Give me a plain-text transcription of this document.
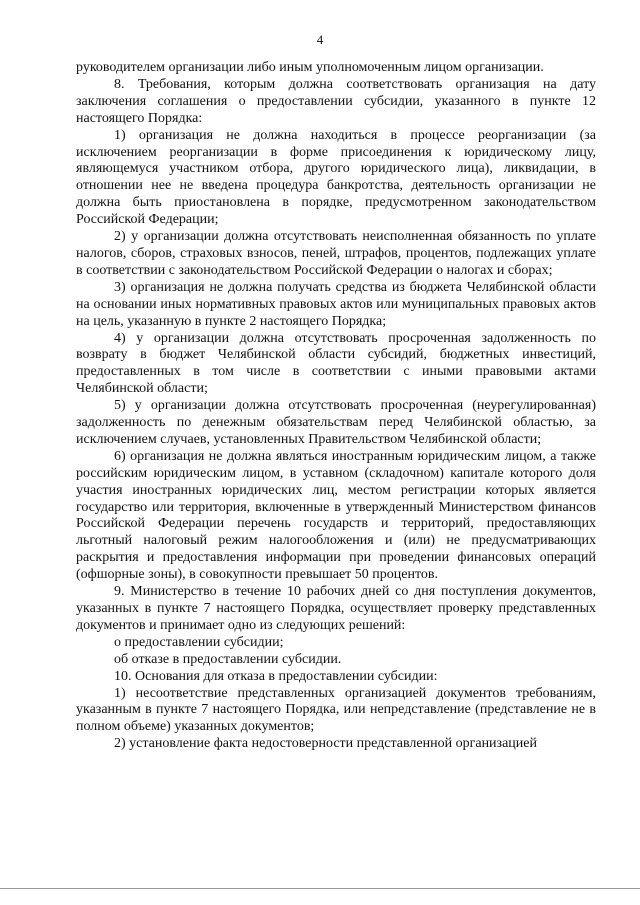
4

руководителем организации либо иным уполномоченным лицом организации.

8. Требования, которым должна соответствовать организация на дату заключения соглашения о предоставлении субсидии, указанного в пункте 12 настоящего Порядка:

1) организация не должна находиться в процессе реорганизации (за исключением реорганизации в форме присоединения к юридическому лицу, являющемуся участником отбора, другого юридического лица), ликвидации, в отношении нее не введена процедура банкротства, деятельность организации не должна быть приостановлена в порядке, предусмотренном законодательством Российской Федерации;

2) у организации должна отсутствовать неисполненная обязанность по уплате налогов, сборов, страховых взносов, пеней, штрафов, процентов, подлежащих уплате в соответствии с законодательством Российской Федерации о налогах и сборах;

3) организация не должна получать средства из бюджета Челябинской области на основании иных нормативных правовых актов или муниципальных правовых актов на цель, указанную в пункте 2 настоящего Порядка;

4) у организации должна отсутствовать просроченная задолженность по возврату в бюджет Челябинской области субсидий, бюджетных инвестиций, предоставленных в том числе в соответствии с иными правовыми актами Челябинской области;

5) у организации должна отсутствовать просроченная (неурегулированная) задолженность по денежным обязательствам перед Челябинской областью, за исключением случаев, установленных Правительством Челябинской области;

6) организация не должна являться иностранным юридическим лицом, а также российским юридическим лицом, в уставном (складочном) капитале которого доля участия иностранных юридических лиц, местом регистрации которых является государство или территория, включенные в утвержденный Министерством финансов Российской Федерации перечень государств и территорий, предоставляющих льготный налоговый режим налогообложения и (или) не предусматривающих раскрытия и предоставления информации при проведении финансовых операций (офшорные зоны), в совокупности превышает 50 процентов.

9. Министерство в течение 10 рабочих дней со дня поступления документов, указанных в пункте 7 настоящего Порядка, осуществляет проверку представленных документов и принимает одно из следующих решений:

о предоставлении субсидии;

об отказе в предоставлении субсидии.

10. Основания для отказа в предоставлении субсидии:

1) несоответствие представленных организацией документов требованиям, указанным в пункте 7 настоящего Порядка, или непредставление (представление не в полном объеме) указанных документов;

2) установление факта недостоверности представленной организацией
